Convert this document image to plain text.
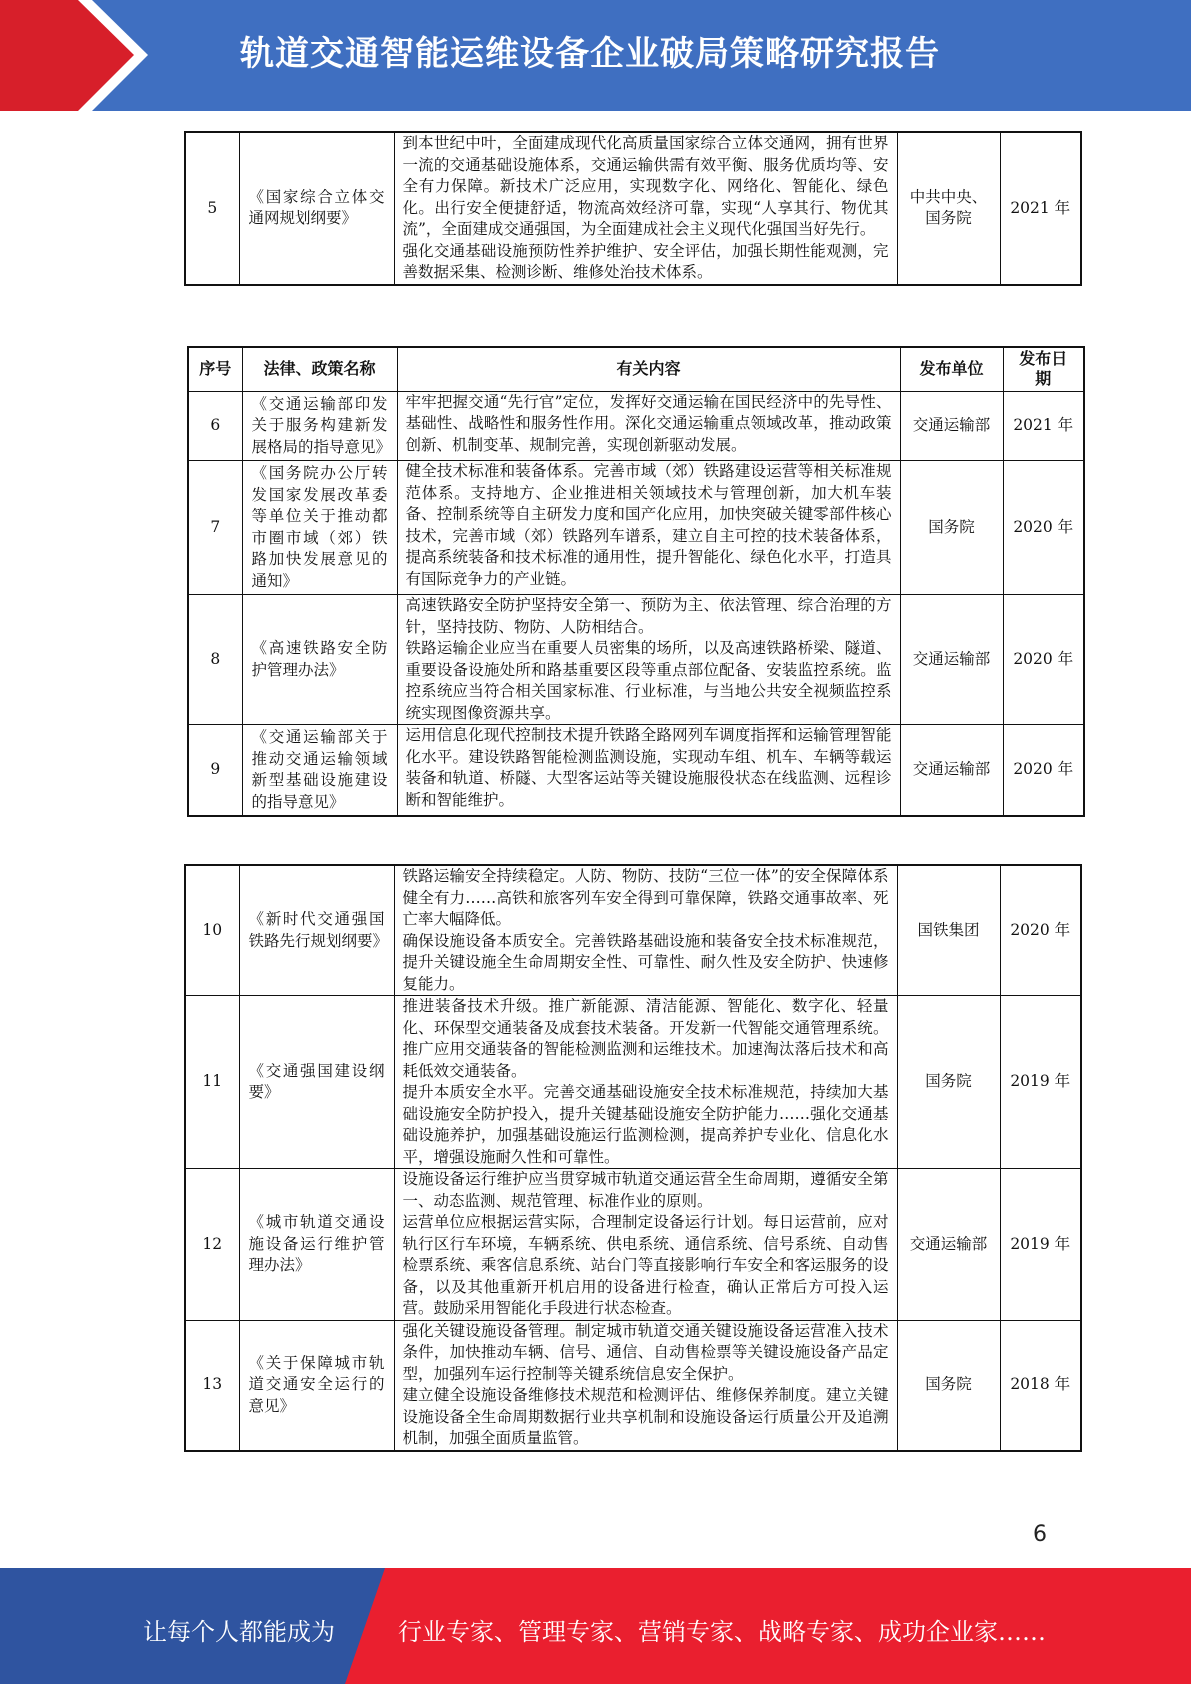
轨道交通智能运维设备企业破局策略研究报告
5	《国家综合立体交通网规划纲要》	
到本世纪中叶，全面建成现代化高质量国家综合立体交通网，拥有世界一流的交通基础设施体系，交通运输供需有效平衡、服务优质均等、安全有力保障。新技术广泛应用，实现数字化、网络化、智能化、绿色化。出行安全便捷舒适，物流高效经济可靠，实现“人享其行、物优其流”，全面建成交通强国，为全面建成社会主义现代化强国当好先行。
强化交通基础设施预防性养护维护、安全评估，加强长期性能观测，完善数据采集、检测诊断、维修处治技术体系。
	中共中央、国务院	2021 年
序号	法律、政策名称	有关内容	发布单位	发布日期
6	《交通运输部印发关于服务构建新发展格局的指导意见》	牢牢把握交通“先行官”定位，发挥好交通运输在国民经济中的先导性、基础性、战略性和服务性作用。深化交通运输重点领域改革，推动政策创新、机制变革、规制完善，实现创新驱动发展。	交通运输部	2021 年
7	《国务院办公厅转发国家发展改革委等单位关于推动都市圈市域（郊）铁路加快发展意见的通知》	健全技术标准和装备体系。完善市域（郊）铁路建设运营等相关标准规范体系。支持地方、企业推进相关领域技术与管理创新，加大机车装备、控制系统等自主研发力度和国产化应用，加快突破关键零部件核心技术，完善市域（郊）铁路列车谱系，建立自主可控的技术装备体系，提高系统装备和技术标准的通用性，提升智能化、绿色化水平，打造具有国际竞争力的产业链。	国务院	2020 年
8	《高速铁路安全防护管理办法》	高速铁路安全防护坚持安全第一、预防为主、依法管理、综合治理的方针，坚持技防、物防、人防相结合。
铁路运输企业应当在重要人员密集的场所，以及高速铁路桥梁、隧道、重要设备设施处所和路基重要区段等重点部位配备、安装监控系统。监控系统应当符合相关国家标准、行业标准，与当地公共安全视频监控系统实现图像资源共享。	交通运输部	2020 年
9	《交通运输部关于推动交通运输领域新型基础设施建设的指导意见》	运用信息化现代控制技术提升铁路全路网列车调度指挥和运输管理智能化水平。建设铁路智能检测监测设施，实现动车组、机车、车辆等载运装备和轨道、桥隧、大型客运站等关键设施服役状态在线监测、远程诊断和智能维护。	交通运输部	2020 年
10	《新时代交通强国铁路先行规划纲要》	铁路运输安全持续稳定。人防、物防、技防“三位一体”的安全保障体系健全有力……高铁和旅客列车安全得到可靠保障，铁路交通事故率、死亡率大幅降低。
确保设施设备本质安全。完善铁路基础设施和装备安全技术标准规范，提升关键设施全生命周期安全性、可靠性、耐久性及安全防护、快速修复能力。	国铁集团	2020 年
11	《交通强国建设纲要》	推进装备技术升级。推广新能源、清洁能源、智能化、数字化、轻量化、环保型交通装备及成套技术装备。开发新一代智能交通管理系统。推广应用交通装备的智能检测监测和运维技术。加速淘汰落后技术和高耗低效交通装备。
提升本质安全水平。完善交通基础设施安全技术标准规范，持续加大基础设施安全防护投入，提升关键基础设施安全防护能力……强化交通基础设施养护，加强基础设施运行监测检测，提高养护专业化、信息化水平，增强设施耐久性和可靠性。	国务院	2019 年
12	《城市轨道交通设施设备运行维护管理办法》	设施设备运行维护应当贯穿城市轨道交通运营全生命周期，遵循安全第一、动态监测、规范管理、标准作业的原则。
运营单位应根据运营实际，合理制定设备运行计划。每日运营前，应对轨行区行车环境，车辆系统、供电系统、通信系统、信号系统、自动售检票系统、乘客信息系统、站台门等直接影响行车安全和客运服务的设备，以及其他重新开机启用的设备进行检查，确认正常后方可投入运营。鼓励采用智能化手段进行状态检查。	交通运输部	2019 年
13	《关于保障城市轨道交通安全运行的意见》	强化关键设施设备管理。制定城市轨道交通关键设施设备运营准入技术条件，加快推动车辆、信号、通信、自动售检票等关键设施设备产品定型，加强列车运行控制等关键系统信息安全保护。
建立健全设施设备维修技术规范和检测评估、维修保养制度。建立关键设施设备全生命周期数据行业共享机制和设施设备运行质量公开及追溯机制，加强全面质量监管。	国务院	2018 年
6
让每个人都能成为	行业专家、管理专家、营销专家、战略专家、成功企业家……
